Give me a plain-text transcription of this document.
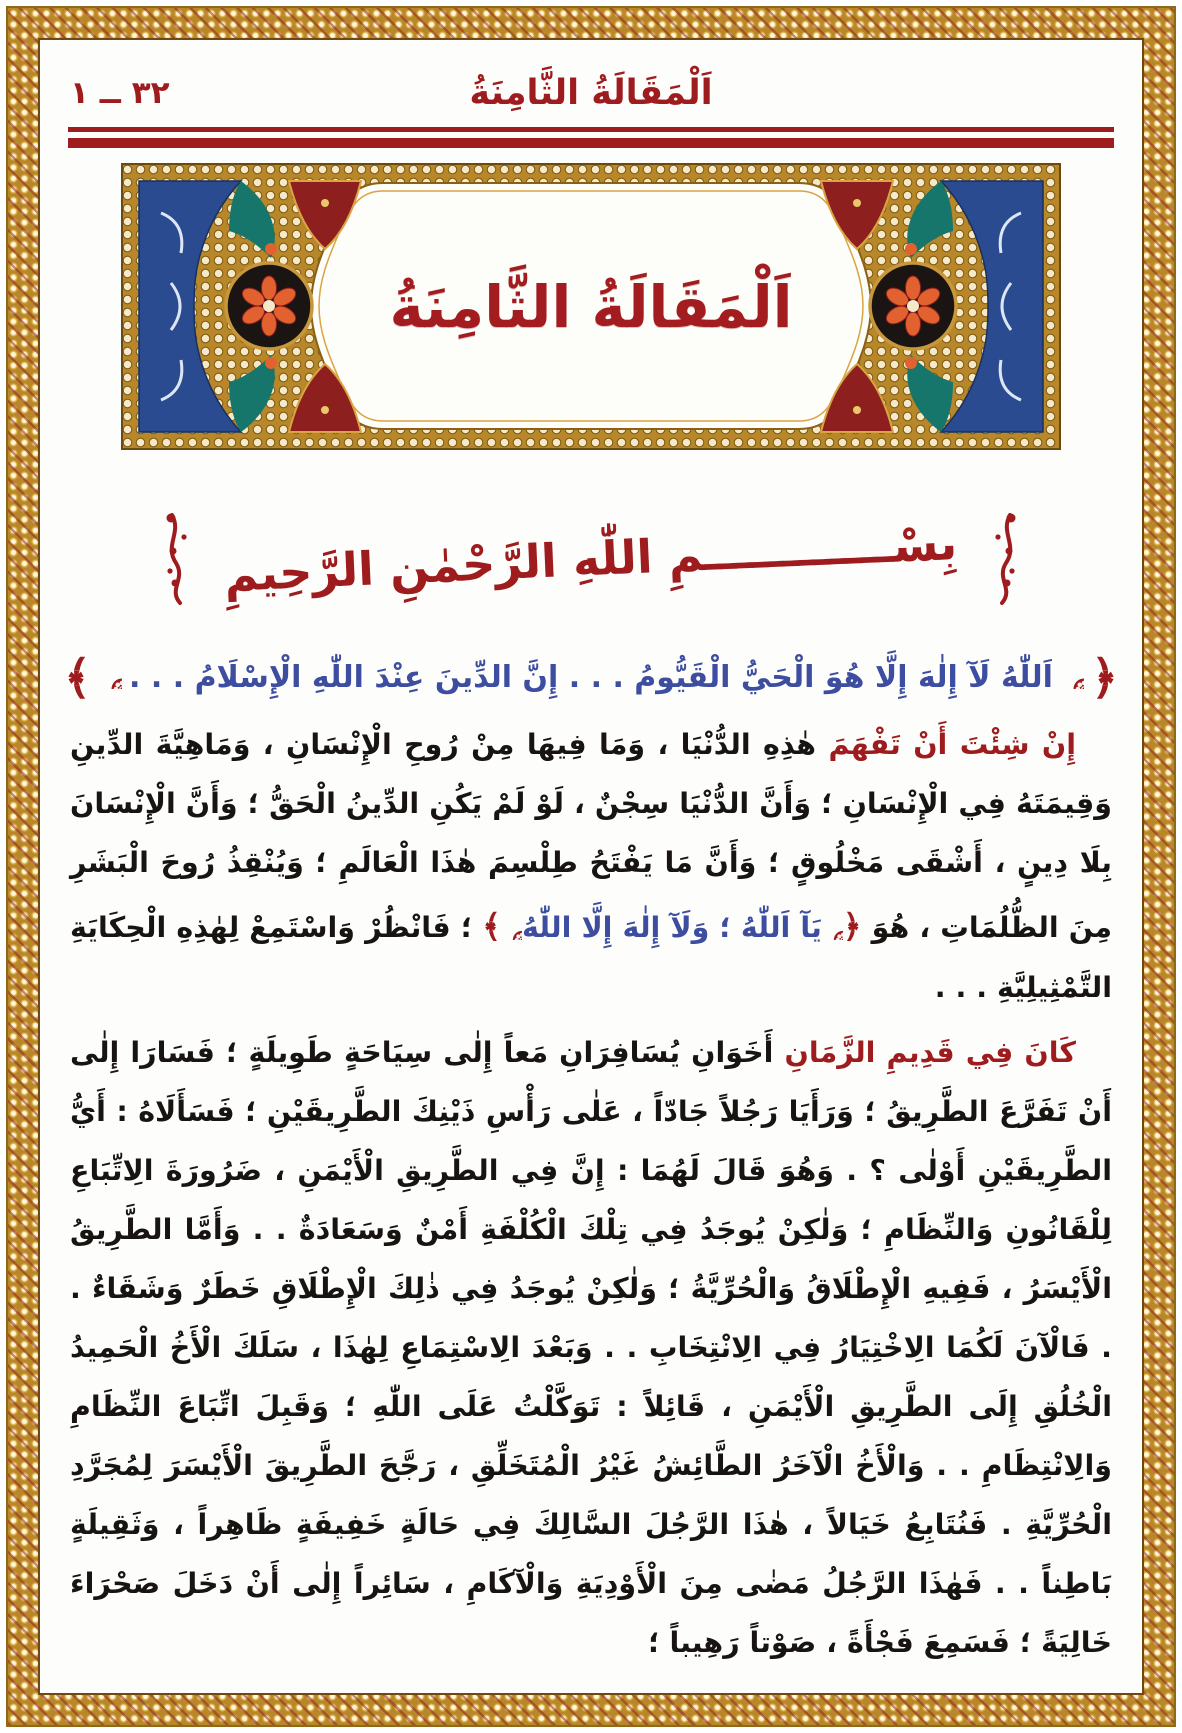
اَلْمَقَالَةُ الثَّامِنَةُ
٣٢ ــ ١
اَلْمَقَالَةُ الثَّامِنَةُ
بِسْــــــــــــمِ اللّٰهِ الرَّحْمٰنِ الرَّحِيمِ
﴿
اَللّٰهُ لَآ إِلٰهَ إِلَّا هُوَ الْحَيُّ الْقَيُّومُ . . . إِنَّ الدِّينَ عِنْدَ اللّٰهِ الْإِسْلَامُ . . .
﴾

إِنْ شِئْتَ أَنْ تَفْهَمَ هٰذِهِ الدُّنْيَا ، وَمَا فِيهَا مِنْ رُوحِ الْإِنْسَانِ ، وَمَاهِيَّةَ الدِّينِ وَقِيمَتَهُ فِي الْإِنْسَانِ ؛ وَأَنَّ الدُّنْيَا سِجْنٌ ، لَوْ لَمْ يَكُنِ الدِّينُ الْحَقُّ ؛ وَأَنَّ الْإِنْسَانَ بِلَا دِينٍ ، أَشْقَى مَخْلُوقٍ ؛ وَأَنَّ مَا يَفْتَحُ طِلْسِمَ هٰذَا الْعَالَمِ ؛ وَيُنْقِذُ رُوحَ الْبَشَرِ مِنَ الظُّلُمَاتِ ، هُوَ ﴿يَآ اَللّٰهُ ؛ وَلَآ إِلٰهَ إِلَّا اللّٰهُ﴾ ؛ فَانْظُرْ وَاسْتَمِعْ لِهٰذِهِ الْحِكَايَةِ التَّمْثِيلِيَّةِ . . .

كَانَ فِي قَدِيمِ الزَّمَانِ أَخَوَانِ يُسَافِرَانِ مَعاً إِلٰى سِيَاحَةٍ طَوِيلَةٍ ؛ فَسَارَا إِلٰى أَنْ تَفَرَّعَ الطَّرِيقُ ؛ وَرَأَيَا رَجُلاً جَادّاً ، عَلٰى رَأْسِ ذَيْنِكَ الطَّرِيقَيْنِ ؛ فَسَأَلَاهُ : أَيُّ الطَّرِيقَيْنِ أَوْلٰى ؟ . وَهُوَ قَالَ لَهُمَا : إِنَّ فِي الطَّرِيقِ الْأَيْمَنِ ، ضَرُورَةَ الِاتِّبَاعِ لِلْقَانُونِ وَالنِّظَامِ ؛ وَلٰكِنْ يُوجَدُ فِي تِلْكَ الْكُلْفَةِ أَمْنٌ وَسَعَادَةٌ . . وَأَمَّا الطَّرِيقُ الْأَيْسَرُ ، فَفِيهِ الْإِطْلَاقُ وَالْحُرِّيَّةُ ؛ وَلٰكِنْ يُوجَدُ فِي ذٰلِكَ الْإِطْلَاقِ خَطَرٌ وَشَقَاءٌ . . فَالْآنَ لَكُمَا الِاخْتِيَارُ فِي الِانْتِخَابِ . . وَبَعْدَ الِاسْتِمَاعِ لِهٰذَا ، سَلَكَ الْأَخُ الْحَمِيدُ الْخُلُقِ إِلَى الطَّرِيقِ الْأَيْمَنِ ، قَائِلاً : تَوَكَّلْتُ عَلَى اللّٰهِ ؛ وَقَبِلَ اتِّبَاعَ النِّظَامِ وَالِانْتِظَامِ . . وَالْأَخُ الْآخَرُ الطَّائِشُ غَيْرُ الْمُتَخَلِّقِ ، رَجَّحَ الطَّرِيقَ الْأَيْسَرَ لِمُجَرَّدِ الْحُرِّيَّةِ . فَنُتَابِعُ خَيَالاً ، هٰذَا الرَّجُلَ السَّالِكَ فِي حَالَةٍ خَفِيفَةٍ ظَاهِراً ، وَثَقِيلَةٍ بَاطِناً . . فَهٰذَا الرَّجُلُ مَضٰى مِنَ الْأَوْدِيَةِ وَالْآكَامِ ، سَائِراً إِلٰى أَنْ دَخَلَ صَحْرَاءَ خَالِيَةً ؛ فَسَمِعَ فَجْأَةً ، صَوْتاً رَهِيباً ؛
